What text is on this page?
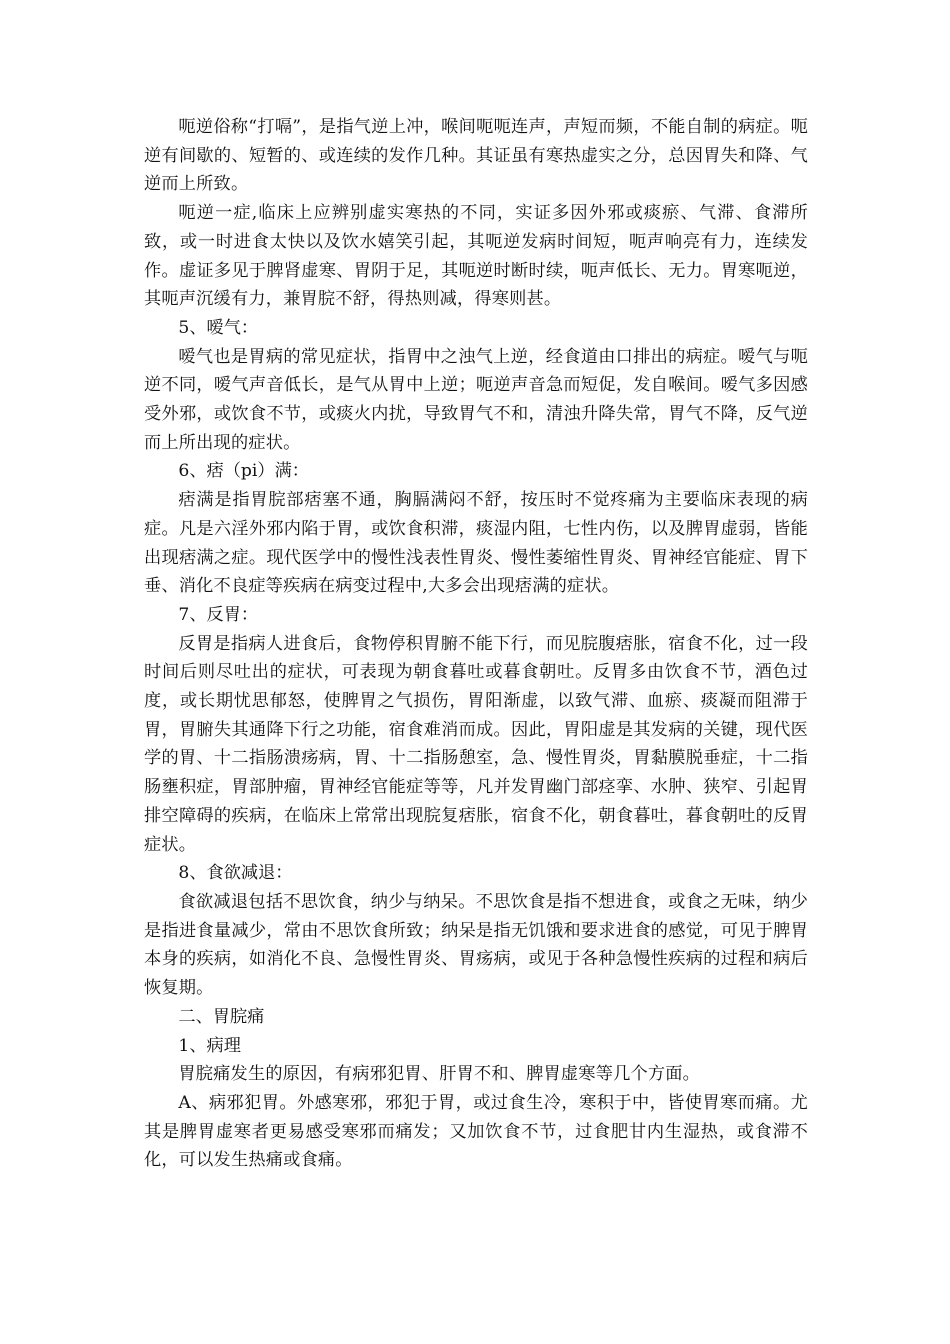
呃逆俗称“打嗝”，是指气逆上冲，喉间呃呃连声，声短而频，不能自制的病症。呃逆有间歇的、短暂的、或连续的发作几种。其证虽有寒热虚实之分，总因胃失和降、气逆而上所致。

呃逆一症,临床上应辨别虚实寒热的不同，实证多因外邪或痰瘀、气滞、食滞所致，或一时进食太快以及饮水嬉笑引起，其呃逆发病时间短，呃声响亮有力，连续发作。虚证多见于脾肾虚寒、胃阴于足，其呃逆时断时续，呃声低长、无力。胃寒呃逆，其呃声沉缓有力，兼胃脘不舒，得热则减，得寒则甚。

5、嗳气：

嗳气也是胃病的常见症状，指胃中之浊气上逆，经食道由口排出的病症。嗳气与呃逆不同，嗳气声音低长，是气从胃中上逆；呃逆声音急而短促，发自喉间。嗳气多因感受外邪，或饮食不节，或痰火内扰，导致胃气不和，清浊升降失常，胃气不降，反气逆而上所出现的症状。

6、痞（pi）满：

痞满是指胃脘部痞塞不通，胸膈满闷不舒，按压时不觉疼痛为主要临床表现的病症。凡是六淫外邪内陷于胃，或饮食积滞，痰湿内阻，七性内伤，以及脾胃虚弱，皆能出现痞满之症。现代医学中的慢性浅表性胃炎、慢性萎缩性胃炎、胃神经官能症、胃下垂、消化不良症等疾病在病变过程中,大多会出现痞满的症状。

7、反胃：

反胃是指病人进食后，食物停积胃腑不能下行，而见脘腹痞胀，宿食不化，过一段时间后则尽吐出的症状，可表现为朝食暮吐或暮食朝吐。反胃多由饮食不节，酒色过度，或长期忧思郁怒，使脾胃之气损伤，胃阳渐虚，以致气滞、血瘀、痰凝而阻滞于胃，胃腑失其通降下行之功能，宿食难消而成。因此，胃阳虚是其发病的关键，现代医学的胃、十二指肠溃疡病，胃、十二指肠憩室，急、慢性胃炎，胃黏膜脱垂症，十二指肠壅积症，胃部肿瘤，胃神经官能症等等，凡并发胃幽门部痉挛、水肿、狭窄、引起胃排空障碍的疾病，在临床上常常出现脘复痞胀，宿食不化，朝食暮吐，暮食朝吐的反胃症状。

8、食欲减退：

食欲减退包括不思饮食，纳少与纳呆。不思饮食是指不想进食，或食之无味，纳少是指进食量减少，常由不思饮食所致；纳呆是指无饥饿和要求进食的感觉，可见于脾胃本身的疾病，如消化不良、急慢性胃炎、胃疡病，或见于各种急慢性疾病的过程和病后恢复期。

二、胃脘痛

1、病理

胃脘痛发生的原因，有病邪犯胃、肝胃不和、脾胃虚寒等几个方面。

A、病邪犯胃。外感寒邪，邪犯于胃，或过食生冷，寒积于中，皆使胃寒而痛。尤其是脾胃虚寒者更易感受寒邪而痛发；又加饮食不节，过食肥甘内生湿热，或食滞不化，可以发生热痛或食痛。
